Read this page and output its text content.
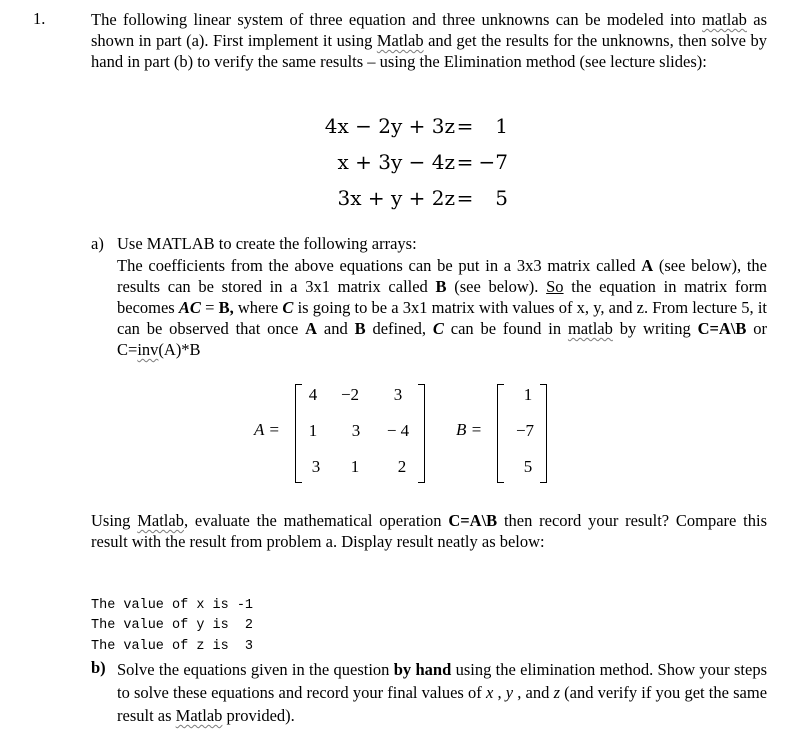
1.	The following linear system of three equation and three unknowns can be modeled into matlab as shown in part (a). First implement it using Matlab and get the results for the unknowns, then solve by hand in part (b) to verify the same results – using the Elimination method (see lecture slides):
4x − 2y + 3z =	1
x + 3y − 4z = −7
3x + y + 2z =	5
a) Use MATLAB to create the following arrays:
The coefficients from the above equations can be put in a 3x3 matrix called A (see below), the results can be stored in a 3x1 matrix called B (see below). So the equation in matrix form becomes AC = B, where C is going to be a 3x1 matrix with values of x, y, and z. From lecture 5, it can be observed that once A and B defined, C can be found in matlab by writing C=A\B or C=inv(A)*B
A =
4	−2	3
1	3	− 4
3	1	2
B =
1
−7
5
Using Matlab, evaluate the mathematical operation C=A\B then record your result? Compare this result with the result from problem a. Display result neatly as below:

The value of x is -1
The value of y is  2
The value of z is  3

b) Solve the equations given in the question by hand using the elimination method. Show your steps to solve these equations and record your final values of x , y , and z (and verify if you get the same result as Matlab provided).
